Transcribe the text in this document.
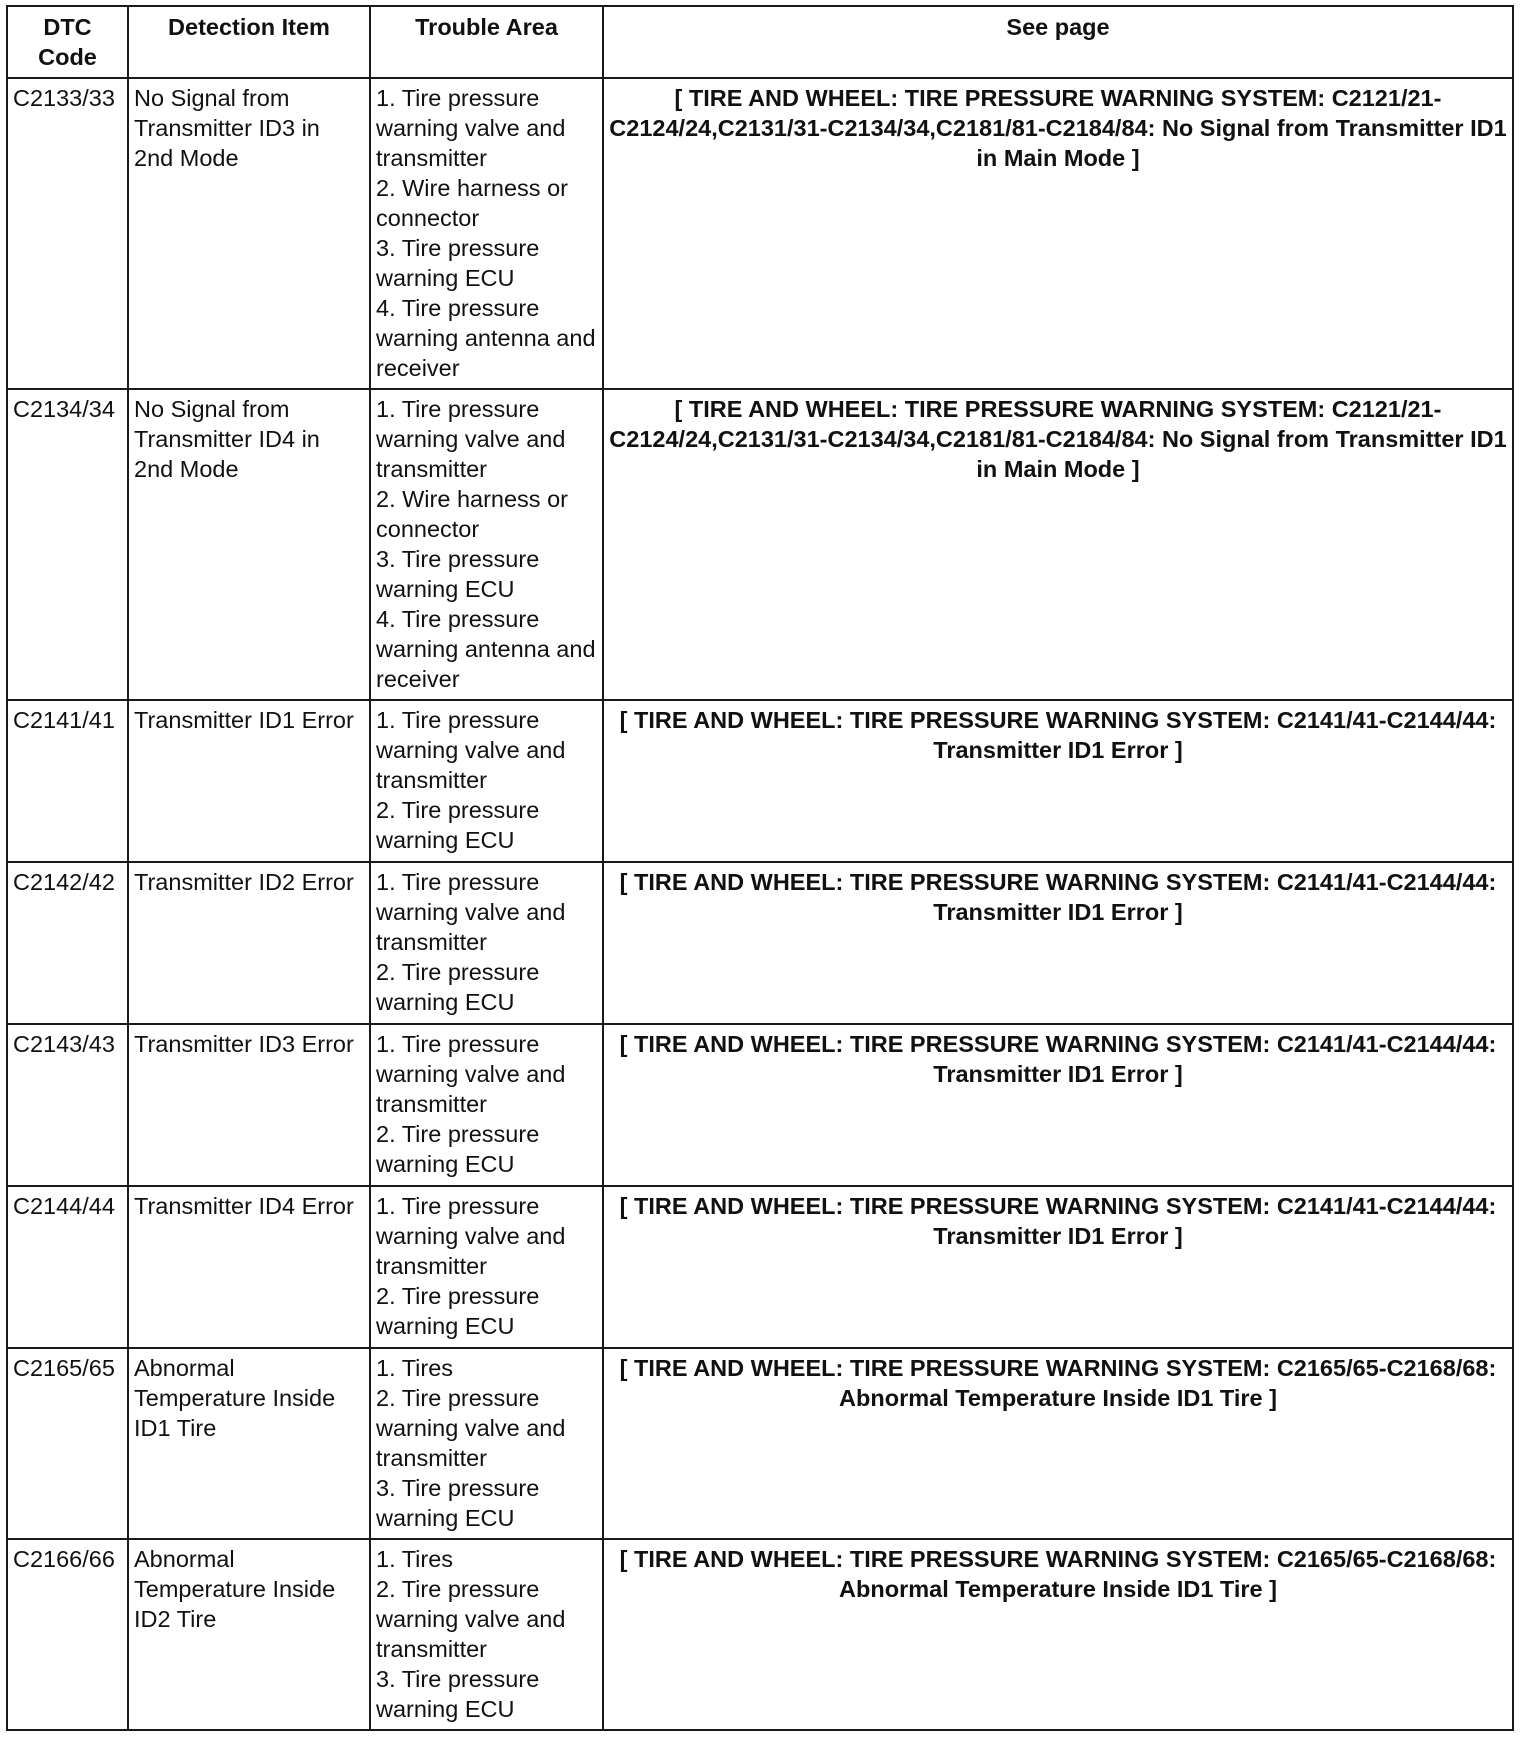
DTC Code	Detection Item	Trouble Area	See page
C2133/33	No Signal from Transmitter ID3 in 2nd Mode	1. Tire pressure warning valve and transmitter
2. Wire harness or connector
3. Tire pressure warning ECU
4. Tire pressure warning antenna and receiver	[ TIRE AND WHEEL: TIRE PRESSURE WARNING SYSTEM: C2121/21-C2124/24,C2131/31-C2134/34,C2181/81-C2184/84: No Signal from Transmitter ID1 in Main Mode ]
C2134/34	No Signal from Transmitter ID4 in 2nd Mode	1. Tire pressure warning valve and transmitter
2. Wire harness or connector
3. Tire pressure warning ECU
4. Tire pressure warning antenna and receiver	[ TIRE AND WHEEL: TIRE PRESSURE WARNING SYSTEM: C2121/21-C2124/24,C2131/31-C2134/34,C2181/81-C2184/84: No Signal from Transmitter ID1 in Main Mode ]
C2141/41	Transmitter ID1 Error	1. Tire pressure warning valve and transmitter
2. Tire pressure warning ECU	[ TIRE AND WHEEL: TIRE PRESSURE WARNING SYSTEM: C2141/41-C2144/44: Transmitter ID1 Error ]
C2142/42	Transmitter ID2 Error	1. Tire pressure warning valve and transmitter
2. Tire pressure warning ECU	[ TIRE AND WHEEL: TIRE PRESSURE WARNING SYSTEM: C2141/41-C2144/44: Transmitter ID1 Error ]
C2143/43	Transmitter ID3 Error	1. Tire pressure warning valve and transmitter
2. Tire pressure warning ECU	[ TIRE AND WHEEL: TIRE PRESSURE WARNING SYSTEM: C2141/41-C2144/44: Transmitter ID1 Error ]
C2144/44	Transmitter ID4 Error	1. Tire pressure warning valve and transmitter
2. Tire pressure warning ECU	[ TIRE AND WHEEL: TIRE PRESSURE WARNING SYSTEM: C2141/41-C2144/44: Transmitter ID1 Error ]
C2165/65	Abnormal Temperature Inside ID1 Tire	1. Tires
2. Tire pressure warning valve and transmitter
3. Tire pressure warning ECU	[ TIRE AND WHEEL: TIRE PRESSURE WARNING SYSTEM: C2165/65-C2168/68: Abnormal Temperature Inside ID1 Tire ]
C2166/66	Abnormal Temperature Inside ID2 Tire	1. Tires
2. Tire pressure warning valve and transmitter
3. Tire pressure warning ECU	[ TIRE AND WHEEL: TIRE PRESSURE WARNING SYSTEM: C2165/65-C2168/68: Abnormal Temperature Inside ID1 Tire ]
